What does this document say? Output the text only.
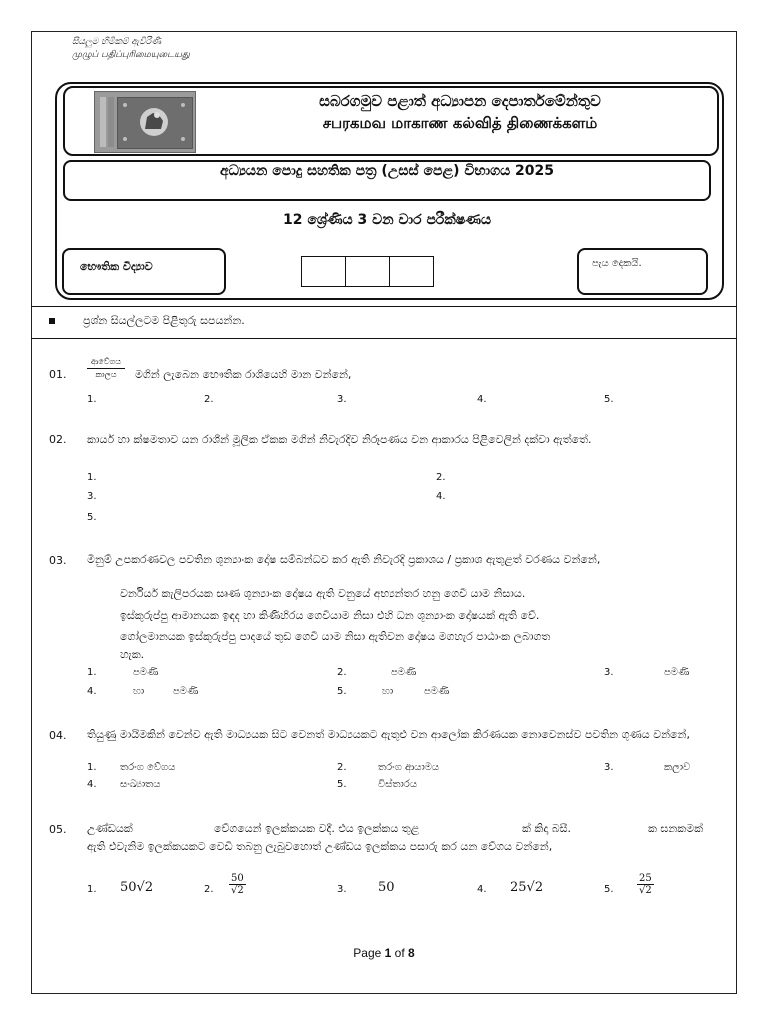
සියලුම හිමිකම් ඇවිරිණි
முழுப் பதிப்புரிமையுடையது
සබරගමුව පළාත් අධ්‍යාපන දෙපාර්තමේන්තුව
சபரகமவ மாகாண கல்வித் திணைக்களம்
අධ්‍යයන පොදු සහතික පත්‍ර (උසස් පෙළ) විභාගය 2025
12 ශ්‍රේණිය 3 වන වාර පරීක්ෂණය
භෞතික විද්‍යාව	පැය දෙකයි.
ප්‍රශ්න සියල්ලටම පිළිතුරු සපයන්න.
01.
ආවේගය
කාලය	මගින් ලැබෙන භෞතික රාශියෙහි මාන වන්නේ,
1.	2.	3.	4.	5.
02. කාර්ය හා ක්ෂමතාව යන රාශීන් මූලික ඒකක මගින් නිවැරදිව නිරූපණය වන ආකාරය පිළිවෙලින් දක්වා ඇත්තේ.
1.	2.
3.	4.
5.
03. මිනුම් උපකරණවල පවතින ශූන්‍යාංක දෝෂ සම්බන්ධව කර ඇති නිවැරදි ප්‍රකාශය / ප්‍රකාශ ඇතුළත් වරණය වන්නේ,
වර්නියර් කැලිපරයක සෘණ ශූන්‍යාංක දෝෂය ඇති වනුයේ අභ්‍යන්තර හනු ගෙවී යාම නිසාය.
ඉස්කුරුප්පු ආමානයක ඉඳද හා කිණිහිරය ගෙවීයාම නිසා එහි ධන ශූන්‍යාංක දෝෂයක් ඇති වේ.
ගෝලමානයක ඉස්කුරුප්පු පාදයේ තුඩ ගෙවී යාම නිසා ඇතිවන දෝෂය මගහැර පාඨාංක ලබාගත
හැක.
1.	පමණි	2.	පමණි	3.	පමණි
4.	හා	පමණි	5.	හා	පමණි
04. තියුණු මායිමකින් වෙන්ව ඇති මාධ්‍යයක සිට වෙනත් මාධ්‍යයකට ඇතුළු වන ආලෝක කිරණයක නොවෙනස්ව පවතින ගුණය වන්නේ,
1. තරංග වේගය	2.	තරංග ආයාමය	3.	කලාව
4. සංඛ්‍යාතය	5.	විස්තාරය
05. උණ්ඩයක්	වේගයෙන් ඉලක්කයක වදී. එය ඉලක්කය තුළ	ක් කිදා බසී.	ක ඝනකමක්
ඇති එවැනිම ඉලක්කයකට වෙඩි තබනු ලැබුවහොත් උණ්ඩය ඉලක්කය පසාරු කර යන වේගය වන්නේ,
1. 50√2	2. $\frac{50}{√2}$	3. 50	4. 25√2	5. $\frac{25}{√2}$
Page 1 of 8
